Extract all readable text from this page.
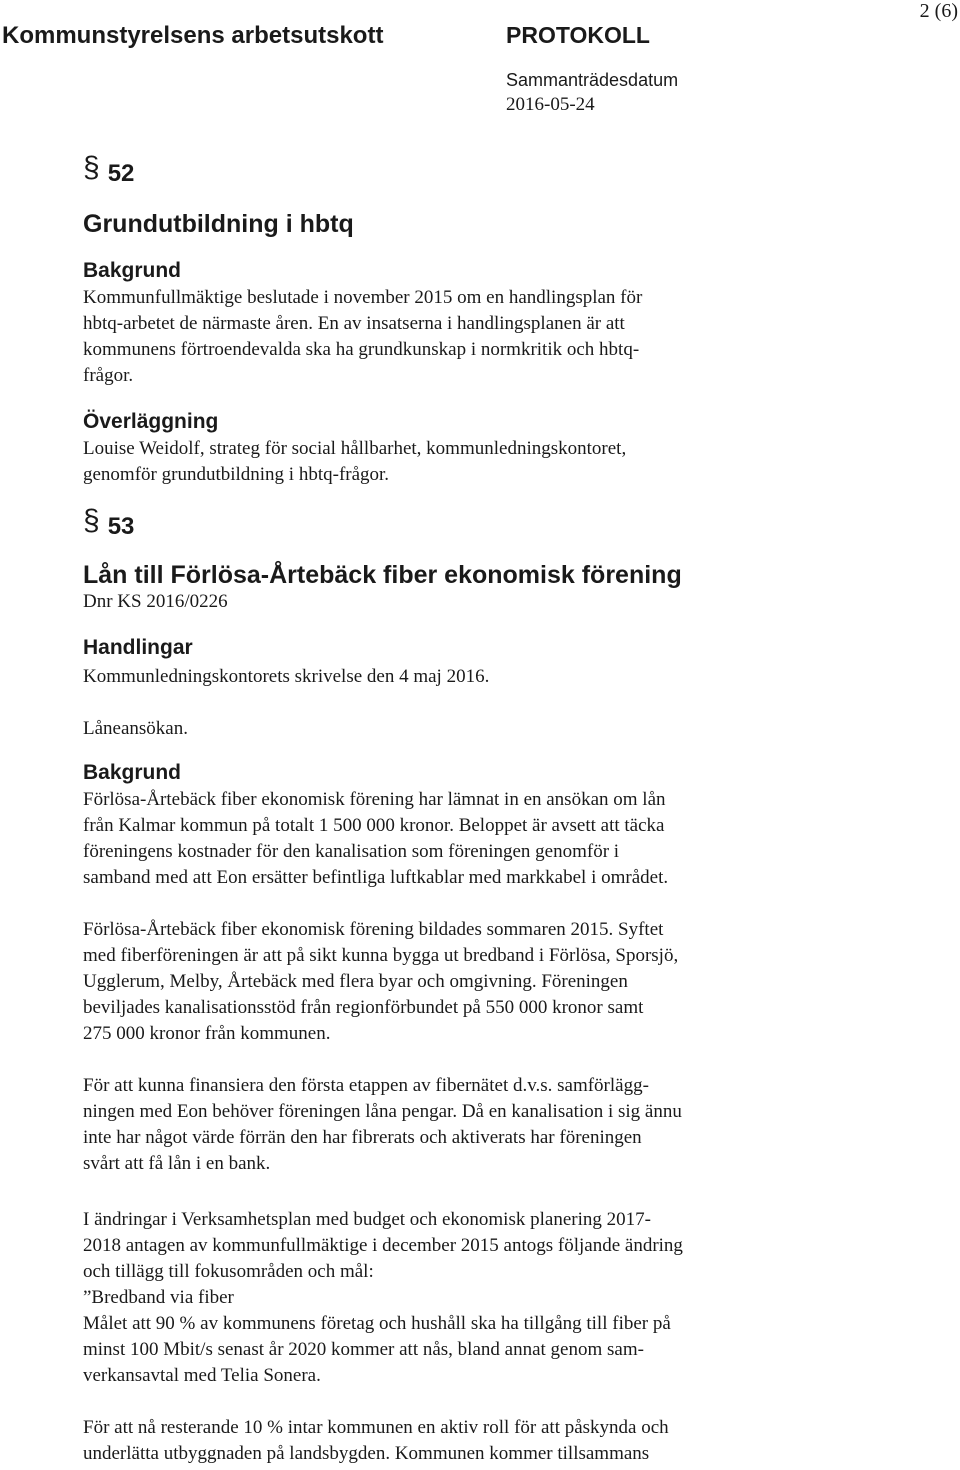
Kommunstyrelsens arbetsutskott	PROTOKOLL
2 (6)
Sammanträdesdatum
2016-05-24
§ 52
Grundutbildning i hbtq
Bakgrund
Kommunfullmäktige beslutade i november 2015 om en handlingsplan för
hbtq-arbetet de närmaste åren. En av insatserna i handlingsplanen är att
kommunens förtroendevalda ska ha grundkunskap i normkritik och hbtq-
frågor.
Överläggning
Louise Weidolf, strateg för social hållbarhet, kommunledningskontoret,
genomför grundutbildning i hbtq-frågor.
§ 53
Lån till Förlösa-Årtebäck fiber ekonomisk förening
Dnr KS 2016/0226
Handlingar
Kommunledningskontorets skrivelse den 4 maj 2016.
Låneansökan.
Bakgrund
Förlösa-Årtebäck fiber ekonomisk förening har lämnat in en ansökan om lån
från Kalmar kommun på totalt 1 500 000 kronor. Beloppet är avsett att täcka
föreningens kostnader för den kanalisation som föreningen genomför i
samband med att Eon ersätter befintliga luftkablar med markkabel i området.
Förlösa-Årtebäck fiber ekonomisk förening bildades sommaren 2015. Syftet
med fiberföreningen är att på sikt kunna bygga ut bredband i Förlösa, Sporsjö,
Ugglerum, Melby, Årtebäck med flera byar och omgivning. Föreningen
beviljades kanalisationsstöd från regionförbundet på 550 000 kronor samt
275 000 kronor från kommunen.
För att kunna finansiera den första etappen av fibernätet d.v.s. samförlägg-
ningen med Eon behöver föreningen låna pengar. Då en kanalisation i sig ännu
inte har något värde förrän den har fibrerats och aktiverats har föreningen
svårt att få lån i en bank.
I ändringar i Verksamhetsplan med budget och ekonomisk planering 2017-
2018 antagen av kommunfullmäktige i december 2015 antogs följande ändring
och tillägg till fokusområden och mål:
”Bredband via fiber
Målet att 90 % av kommunens företag och hushåll ska ha tillgång till fiber på
minst 100 Mbit/s senast år 2020 kommer att nås, bland annat genom sam-
verkansavtal med Telia Sonera.
För att nå resterande 10 % intar kommunen en aktiv roll för att påskynda och
underlätta utbyggnaden på landsbygden. Kommunen kommer tillsammans
